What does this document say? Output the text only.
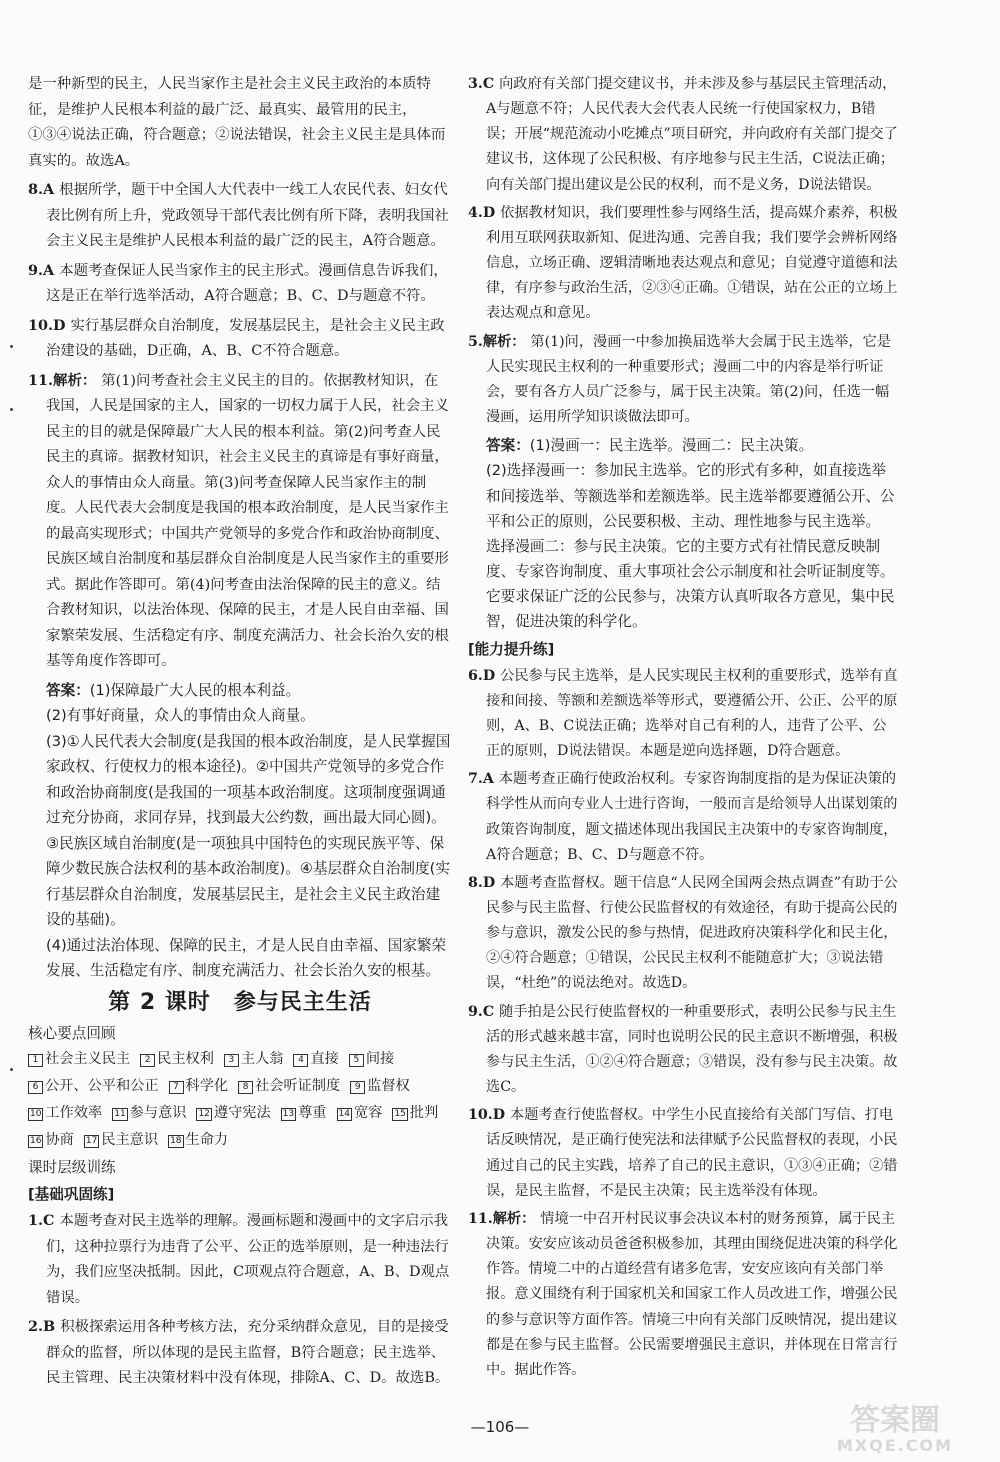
是一种新型的民主，人民当家作主是社会主义民主政治的本质特征，是维护人民根本利益的最广泛、最真实、最管用的民主，①③④说法正确，符合题意；②说法错误，社会主义民主是具体而真实的。故选A。

8.A 根据所学，题干中全国人大代表中一线工人农民代表、妇女代表比例有所上升，党政领导干部代表比例有所下降，表明我国社会主义民主是维护人民根本利益的最广泛的民主，A符合题意。

9.A 本题考查保证人民当家作主的民主形式。漫画信息告诉我们，这是正在举行选举活动，A符合题意；B、C、D与题意不符。

10.D 实行基层群众自治制度，发展基层民主，是社会主义民主政治建设的基础，D正确，A、B、C不符合题意。

11.解析： 第(1)问考查社会主义民主的目的。依据教材知识，在我国，人民是国家的主人，国家的一切权力属于人民，社会主义民主的目的就是保障最广大人民的根本利益。第(2)问考查人民民主的真谛。据教材知识，社会主义民主的真谛是有事好商量，众人的事情由众人商量。第(3)问考查保障人民当家作主的制度。人民代表大会制度是我国的根本政治制度，是人民当家作主的最高实现形式；中国共产党领导的多党合作和政治协商制度、民族区域自治制度和基层群众自治制度是人民当家作主的重要形式。据此作答即可。第(4)问考查由法治保障的民主的意义。结合教材知识，以法治体现、保障的民主，才是人民自由幸福、国家繁荣发展、生活稳定有序、制度充满活力、社会长治久安的根基等角度作答即可。

答案：(1)保障最广大人民的根本利益。

(2)有事好商量，众人的事情由众人商量。

(3)①人民代表大会制度(是我国的根本政治制度，是人民掌握国家政权、行使权力的根本途径)。②中国共产党领导的多党合作和政治协商制度(是我国的一项基本政治制度。这项制度强调通过充分协商，求同存异，找到最大公约数，画出最大同心圆)。③民族区域自治制度(是一项独具中国特色的实现民族平等、保障少数民族合法权利的基本政治制度)。④基层群众自治制度(实行基层群众自治制度，发展基层民主，是社会主义民主政治建设的基础)。

(4)通过法治体现、保障的民主，才是人民自由幸福、国家繁荣发展、生活稳定有序、制度充满活力、社会长治久安的根基。

第 2 课时　参与民主生活

核心要点回顾

1 社会主义民主 2 民主权利 3 主人翁 4 直接 5 间接6 公开、公平和公正 7 科学化 8 社会听证制度 9 监督权10 工作效率 11 参与意识 12 遵守宪法 13 尊重 14 宽容 15 批判16 协商 17 民主意识 18 生命力

课时层级训练

[基础巩固练]

1.C 本题考查对民主选举的理解。漫画标题和漫画中的文字启示我们，这种拉票行为违背了公平、公正的选举原则，是一种违法行为，我们应坚决抵制。因此，C项观点符合题意，A、B、D观点错误。

2.B 积极探索运用各种考核方法，充分采纳群众意见，目的是接受群众的监督，所以体现的是民主监督，B符合题意；民主选举、民主管理、民主决策材料中没有体现，排除A、C、D。故选B。

3.C 向政府有关部门提交建议书，并未涉及参与基层民主管理活动，A与题意不符；人民代表大会代表人民统一行使国家权力，B错误；开展“规范流动小吃摊点”项目研究，并向政府有关部门提交了建议书，这体现了公民积极、有序地参与民主生活，C说法正确；向有关部门提出建议是公民的权利，而不是义务，D说法错误。

4.D 依据教材知识，我们要理性参与网络生活，提高媒介素养，积极利用互联网获取新知、促进沟通、完善自我；我们要学会辨析网络信息，立场正确、逻辑清晰地表达观点和意见；自觉遵守道德和法律，有序参与政治生活，②③④正确。①错误，站在公正的立场上表达观点和意见。

5.解析： 第(1)问，漫画一中参加换届选举大会属于民主选举，它是人民实现民主权利的一种重要形式；漫画二中的内容是举行听证会，要有各方人员广泛参与，属于民主决策。第(2)问，任选一幅漫画，运用所学知识谈做法即可。

答案：(1)漫画一：民主选举。漫画二：民主决策。

(2)选择漫画一：参加民主选举。它的形式有多种，如直接选举和间接选举、等额选举和差额选举。民主选举都要遵循公开、公平和公正的原则，公民要积极、主动、理性地参与民主选举。

选择漫画二：参与民主决策。它的主要方式有社情民意反映制度、专家咨询制度、重大事项社会公示制度和社会听证制度等。它要求保证广泛的公民参与，决策方认真听取各方意见，集中民智，促进决策的科学化。

[能力提升练]

6.D 公民参与民主选举，是人民实现民主权利的重要形式，选举有直接和间接、等额和差额选举等形式，要遵循公开、公正、公平的原则，A、B、C说法正确；选举对自己有利的人，违背了公平、公正的原则，D说法错误。本题是逆向选择题，D符合题意。

7.A 本题考查正确行使政治权利。专家咨询制度指的是为保证决策的科学性从而向专业人士进行咨询，一般而言是给领导人出谋划策的政策咨询制度，题文描述体现出我国民主决策中的专家咨询制度，A符合题意；B、C、D与题意不符。

8.D 本题考查监督权。题干信息“人民网全国两会热点调查”有助于公民参与民主监督、行使公民监督权的有效途径，有助于提高公民的参与意识，激发公民的参与热情，促进政府决策科学化和民主化，②④符合题意；①错误，公民民主权利不能随意扩大；③说法错误，“杜绝”的说法绝对。故选D。

9.C 随手拍是公民行使监督权的一种重要形式，表明公民参与民主生活的形式越来越丰富，同时也说明公民的民主意识不断增强，积极参与民主生活，①②④符合题意；③错误，没有参与民主决策。故选C。

10.D 本题考查行使监督权。中学生小民直接给有关部门写信、打电话反映情况，是正确行使宪法和法律赋予公民监督权的表现，小民通过自己的民主实践，培养了自己的民主意识，①③④正确；②错误，是民主监督，不是民主决策；民主选举没有体现。

11.解析： 情境一中召开村民议事会决议本村的财务预算，属于民主决策。安安应该动员爸爸积极参加，其理由围绕促进决策的科学化作答。情境二中的占道经营有诸多危害，安安应该向有关部门举报。意义围绕有利于国家机关和国家工作人员改进工作，增强公民的参与意识等方面作答。情境三中向有关部门反映情况，提出建议都是在参与民主监督。公民需要增强民主意识，并体现在日常言行中。据此作答。

—106—	答案圈
MXQE.COM
